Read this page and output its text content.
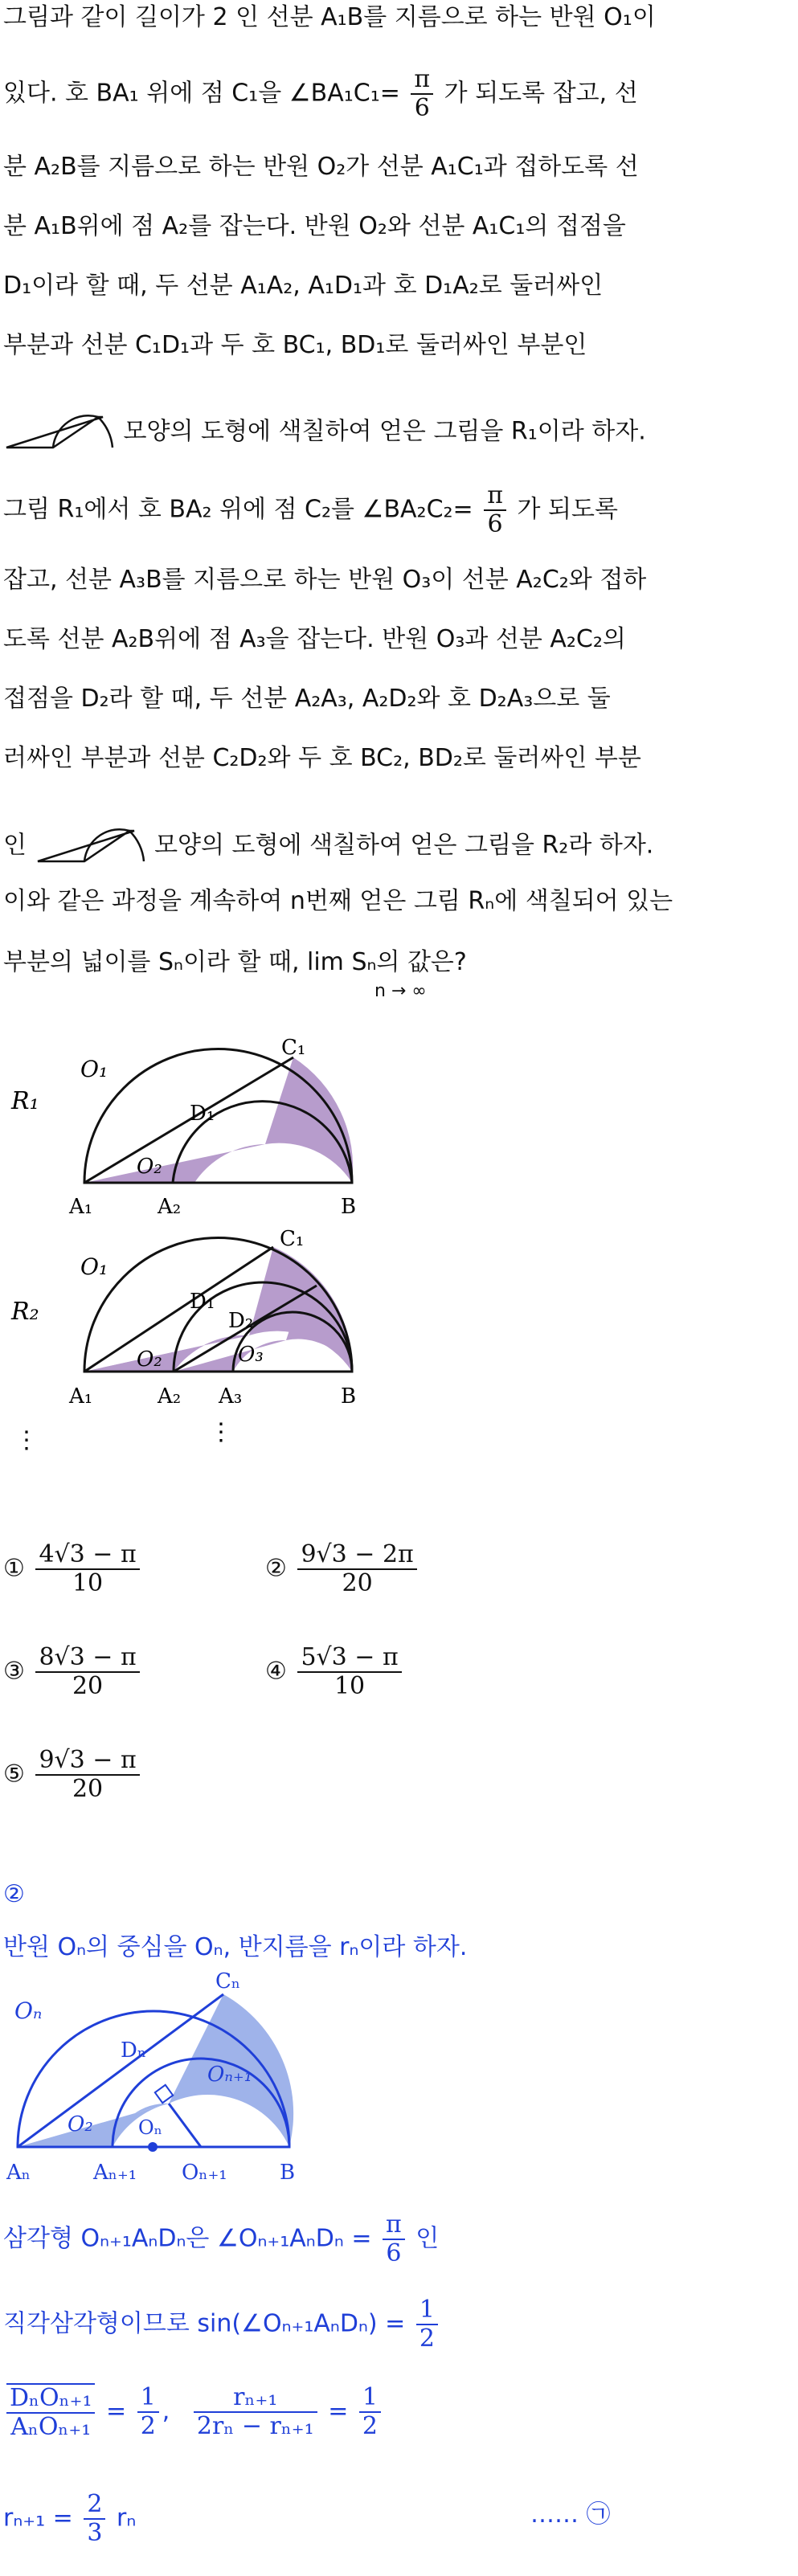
그림과 같이 길이가 2 인 선분 A₁B를 지름으로 하는 반원 O₁이
있다. 호 BA₁ 위에 점 C₁을 ∠BA₁C₁= $\frac{\pi}{6}$ 가 되도록 잡고, 선
분 A₂B를 지름으로 하는 반원 O₂가 선분 A₁C₁과 접하도록 선
분 A₁B위에 점 A₂를 잡는다. 반원 O₂와 선분 A₁C₁의 접점을
D₁이라 할 때, 두 선분 A₁A₂, A₁D₁과 호 D₁A₂로 둘러싸인
부분과 선분 C₁D₁과 두 호 BC₁, BD₁로 둘러싸인 부분인
모양의 도형에 색칠하여 얻은 그림을 R₁이라 하자.
그림 R₁에서 호 BA₂ 위에 점 C₂를 ∠BA₂C₂= $\frac{\pi}{6}$ 가 되도록
잡고, 선분 A₃B를 지름으로 하는 반원 O₃이 선분 A₂C₂와 접하
도록 선분 A₂B위에 점 A₃을 잡는다. 반원 O₃과 선분 A₂C₂의
접점을 D₂라 할 때, 두 선분 A₂A₃, A₂D₂와 호 D₂A₃으로 둘
러싸인 부분과 선분 C₂D₂와 두 호 BC₂, BD₂로 둘러싸인 부분
인	모양의 도형에 색칠하여 얻은 그림을 R₂라 하자.
이와 같은 과정을 계속하여 n번째 얻은 그림 Rₙ에 색칠되어 있는
부분의 넓이를 Sₙ이라 할 때, lim Sₙ의 값은?
n → ∞
R₁
O₁
C₁
D₁
O₂
A₁	A₂	B
R₂
O₁
C₁
D₁
D₂
O₂	O₃
A₁	A₂ A₃	B
⋮	⋮
① $\frac{4√3 - \pi}{10}$	② $\frac{9√3 - 2\pi}{20}$
③ $\frac{8√3 - \pi}{20}$	④ $\frac{5√3 - \pi}{10}$
⑤ $\frac{9√3 - \pi}{20}$
②
반원 Oₙ의 중심을 Oₙ, 반지름을 rₙ이라 하자.
Oₙ
Cₙ
Dₙ
Oₙ₊₁
O₂ Oₙ
Aₙ	Aₙ₊₁ Oₙ₊₁	B
삼각형 Oₙ₊₁AₙDₙ은 ∠Oₙ₊₁AₙDₙ = $\frac{\pi}{6}$ 인
직각삼각형이므로 sin(∠Oₙ₊₁AₙDₙ) = $\frac{1}{2}$
$\frac{\text{DₙOₙ₊₁}}{\text{AₙOₙ₊₁}} = \frac{1}{2}$ , $\frac{\text{rₙ₊₁}}{\text{2rₙ − rₙ₊₁}} = \frac{1}{2}$
$r_{n+1} = \frac{2}{3}$ rₙ	…… ㉠
